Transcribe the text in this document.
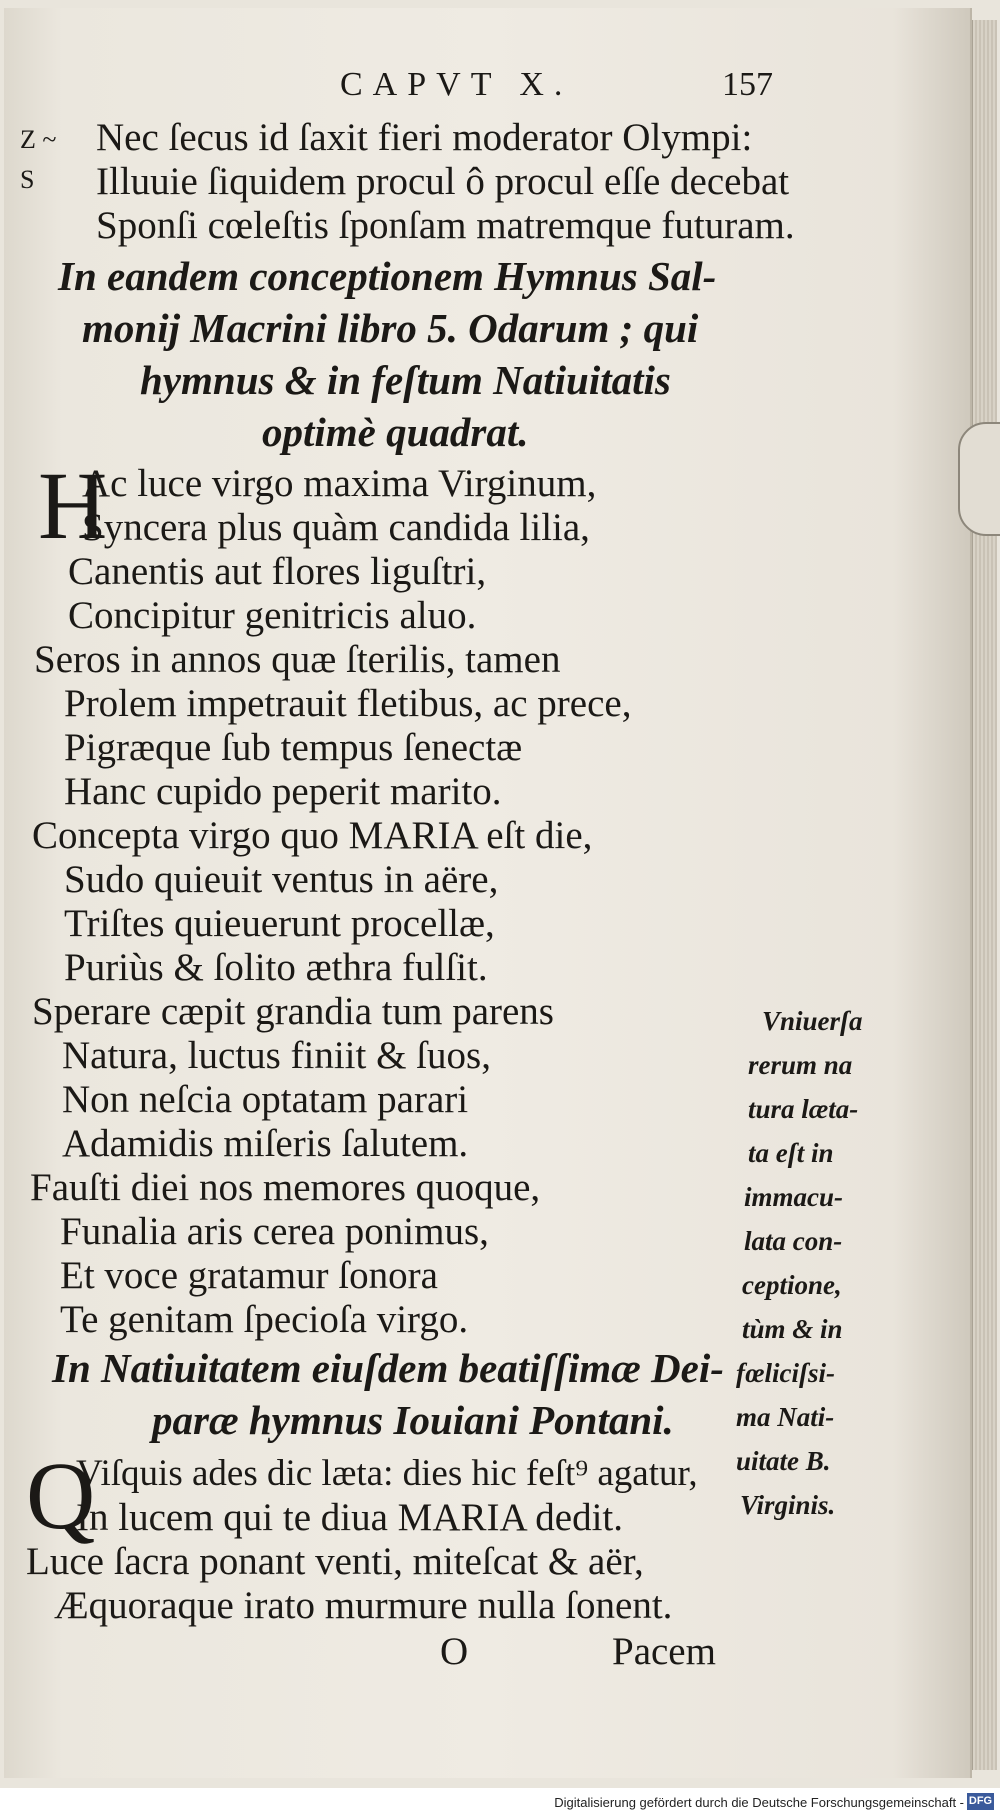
CAPVT X.	157
Z ~ S
Nec ſecus id ſaxit fieri moderator Olympi:
Illuuie ſiquidem procul ô procul eſſe decebat
Sponſi cœleſtis ſponſam matremque futuram.
In eandem conceptionem Hymnus Sal-
monij Macrini libro 5. Odarum ; qui
hymnus & in feſtum Natiuitatis
optimè quadrat.
H
Ac luce virgo maxima Virginum,
Syncera plus quàm candida lilia,
Canentis aut flores liguſtri,
Concipitur genitricis aluo.
Seros in annos quæ ſterilis, tamen
Prolem impetrauit fletibus, ac prece,
Pigræque ſub tempus ſenectæ
Hanc cupido peperit marito.
Concepta virgo quo MARIA eſt die,
Sudo quieuit ventus in aëre,
Triſtes quieuerunt procellæ,
Puriùs & ſolito æthra fulſit.
Sperare cæpit grandia tum parens
Natura, luctus finiit & ſuos,
Non neſcia optatam parari
Adamidis miſeris ſalutem.
Fauſti diei nos memores quoque,
Funalia aris cerea ponimus,
Et voce gratamur ſonora
Te genitam ſpecioſa virgo.
In Natiuitatem eiuſdem beatiſſimæ Dei-
paræ hymnus Iouiani Pontani.
Q
Viſquis ades dic læta: dies hic feſt⁹ agatur,
In lucem qui te diua MARIA dedit.
Luce ſacra ponant venti, miteſcat & aër,
Æquoraque irato murmure nulla ſonent.
O	Pacem
Vniuerſa
rerum na
tura læta-
ta eſt in
immacu-
lata con-
ceptione,
tùm & in
fœliciſsi-
ma Nati-
uitate B.
Virginis.
Digitalisierung gefördert durch die Deutsche Forschungsgemeinschaft - DFG
